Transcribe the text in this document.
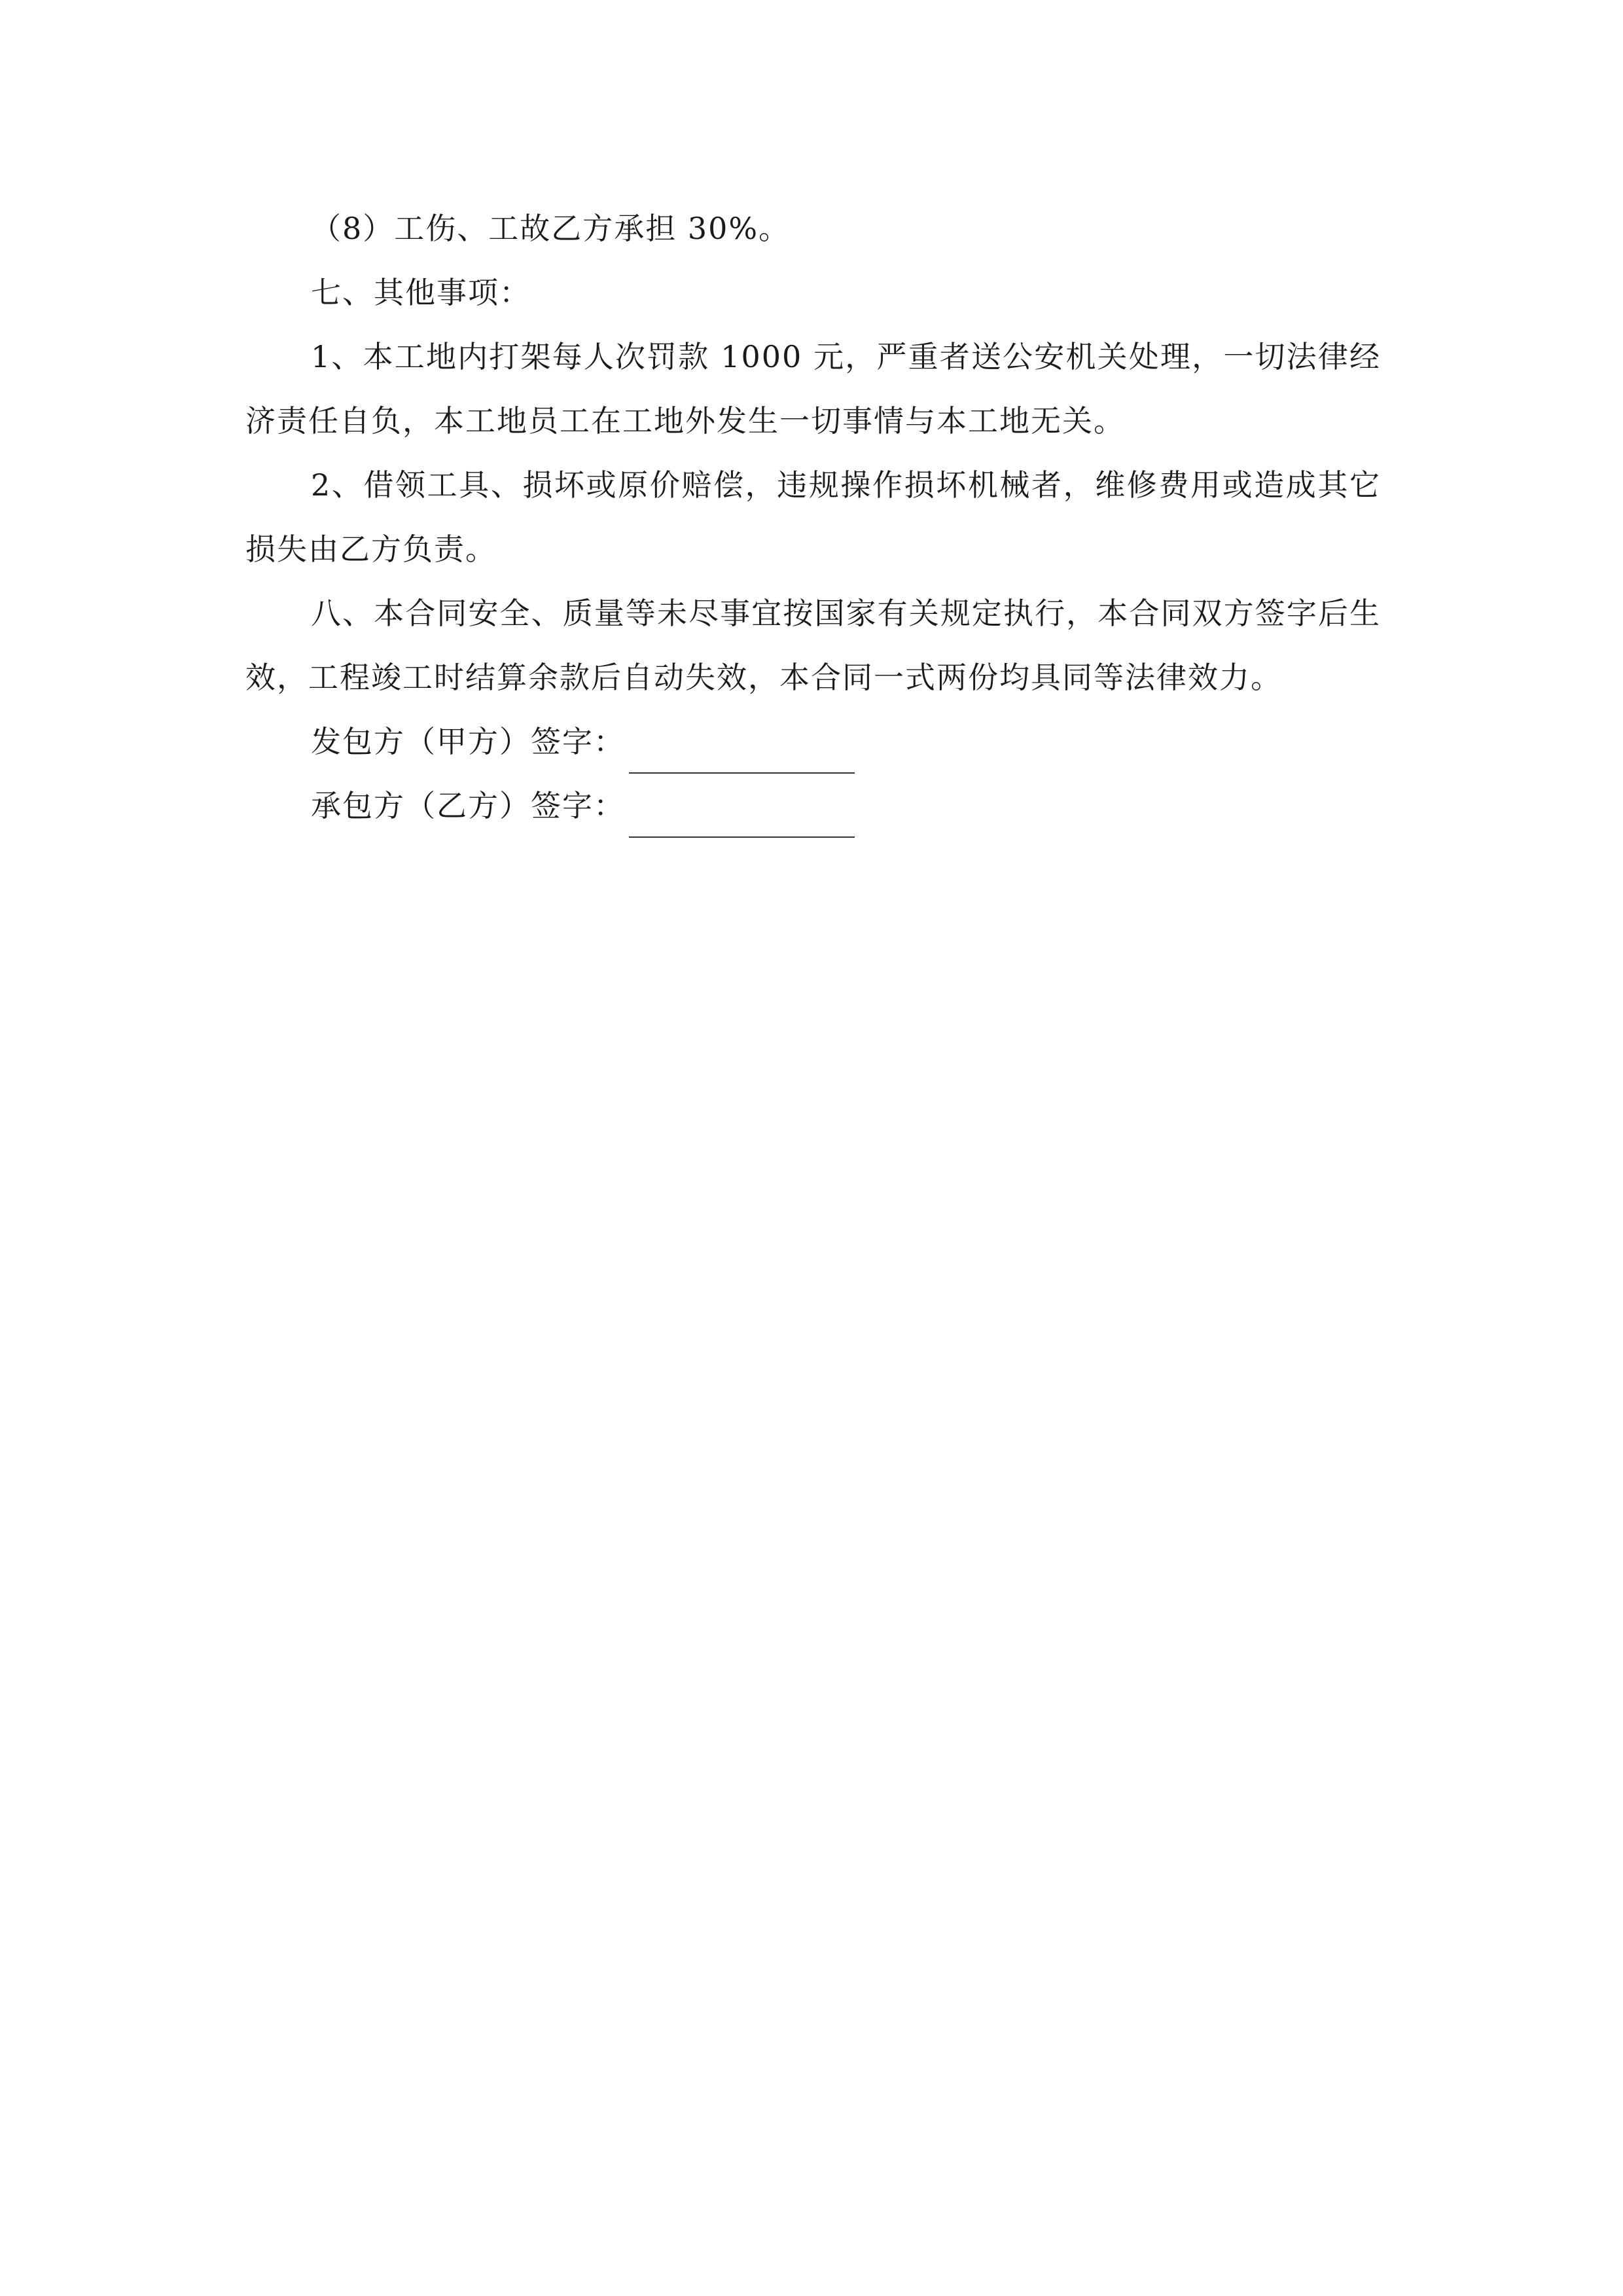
（8）工伤、工故乙方承担 30%。

七、其他事项：

1、本工地内打架每人次罚款 1000 元，严重者送公安机关处理，一切法律经济责任自负，本工地员工在工地外发生一切事情与本工地无关。

2、借领工具、损坏或原价赔偿，违规操作损坏机械者，维修费用或造成其它损失由乙方负责。

八、本合同安全、质量等未尽事宜按国家有关规定执行，本合同双方签字后生效，工程竣工时结算余款后自动失效，本合同一式两份均具同等法律效力。

发包方（甲方）签字：
承包方（乙方）签字：
